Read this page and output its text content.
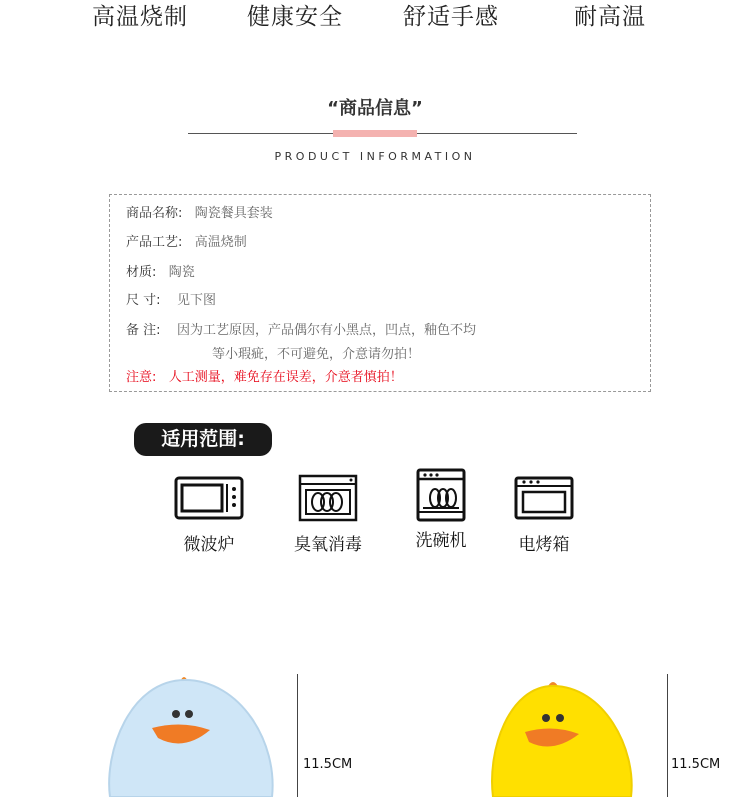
高温烧制	健康安全	舒适手感	耐高温
“商品信息”
PRODUCT INFORMATION
商品名称: 陶瓷餐具套装
产品工艺: 高温烧制
材质: 陶瓷
尺 寸: 见下图
备 注: 因为工艺原因，产品偶尔有小黑点，凹点，釉色不均
等小瑕疵，不可避免，介意请勿拍！
注意: 人工测量，难免存在误差，介意者慎拍！
适用范围:
微波炉	臭氧消毒	洗碗机	电烤箱
11.5CM	11.5CM
